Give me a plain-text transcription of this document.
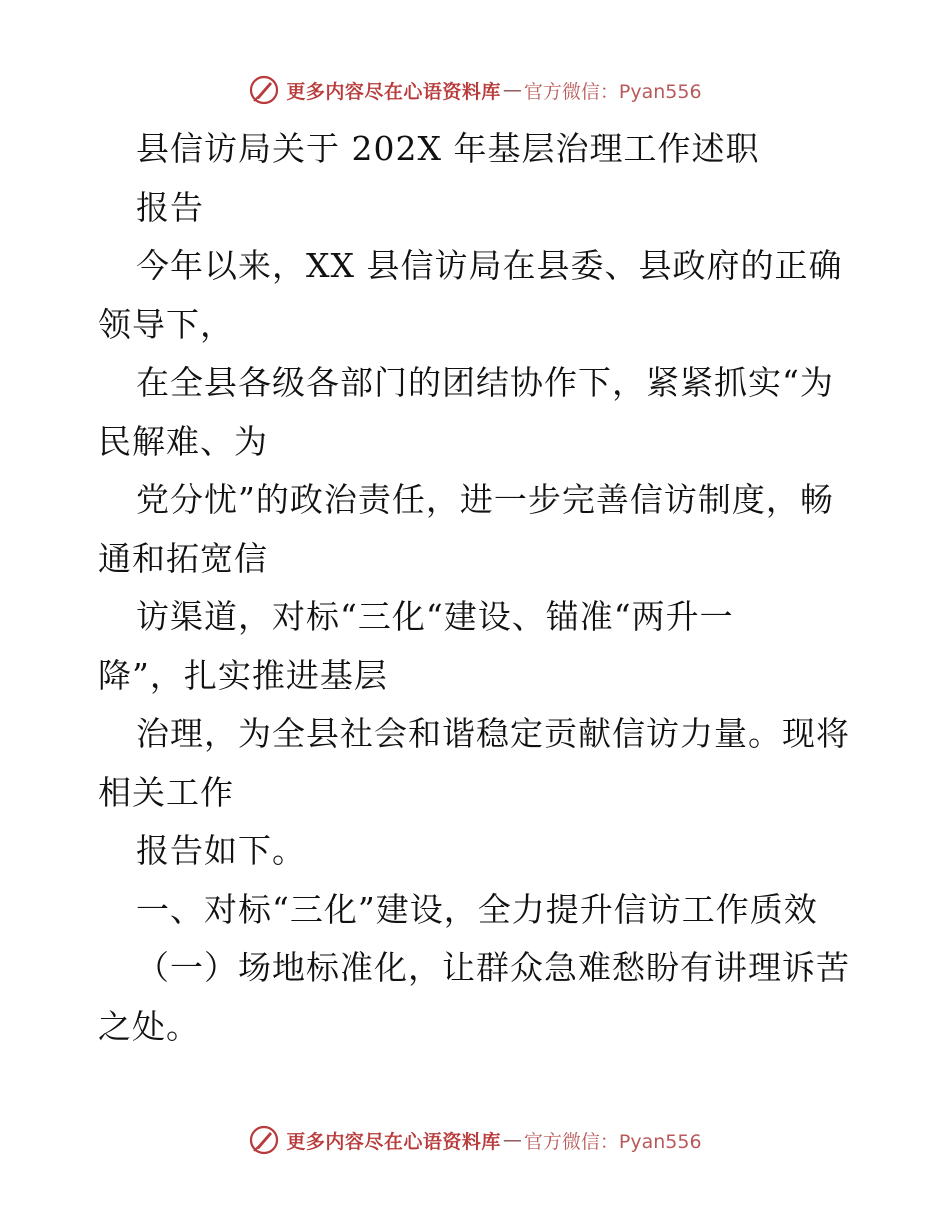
更多内容尽在心语资料库 — 官方微信：Pyan556
县信访局关于 202X 年基层治理工作述职
报告
今年以来，XX 县信访局在县委、县政府的正确
领导下，
在全县各级各部门的团结协作下，紧紧抓实“为
民解难、为
党分忧”的政治责任，进一步完善信访制度，畅
通和拓宽信
访渠道，对标“三化“建设、锚准“两升一
降”，扎实推进基层
治理，为全县社会和谐稳定贡献信访力量。现将
相关工作
报告如下。
一、对标“三化”建设，全力提升信访工作质效
（一）场地标准化，让群众急难愁盼有讲理诉苦
之处。
更多内容尽在心语资料库 — 官方微信：Pyan556
